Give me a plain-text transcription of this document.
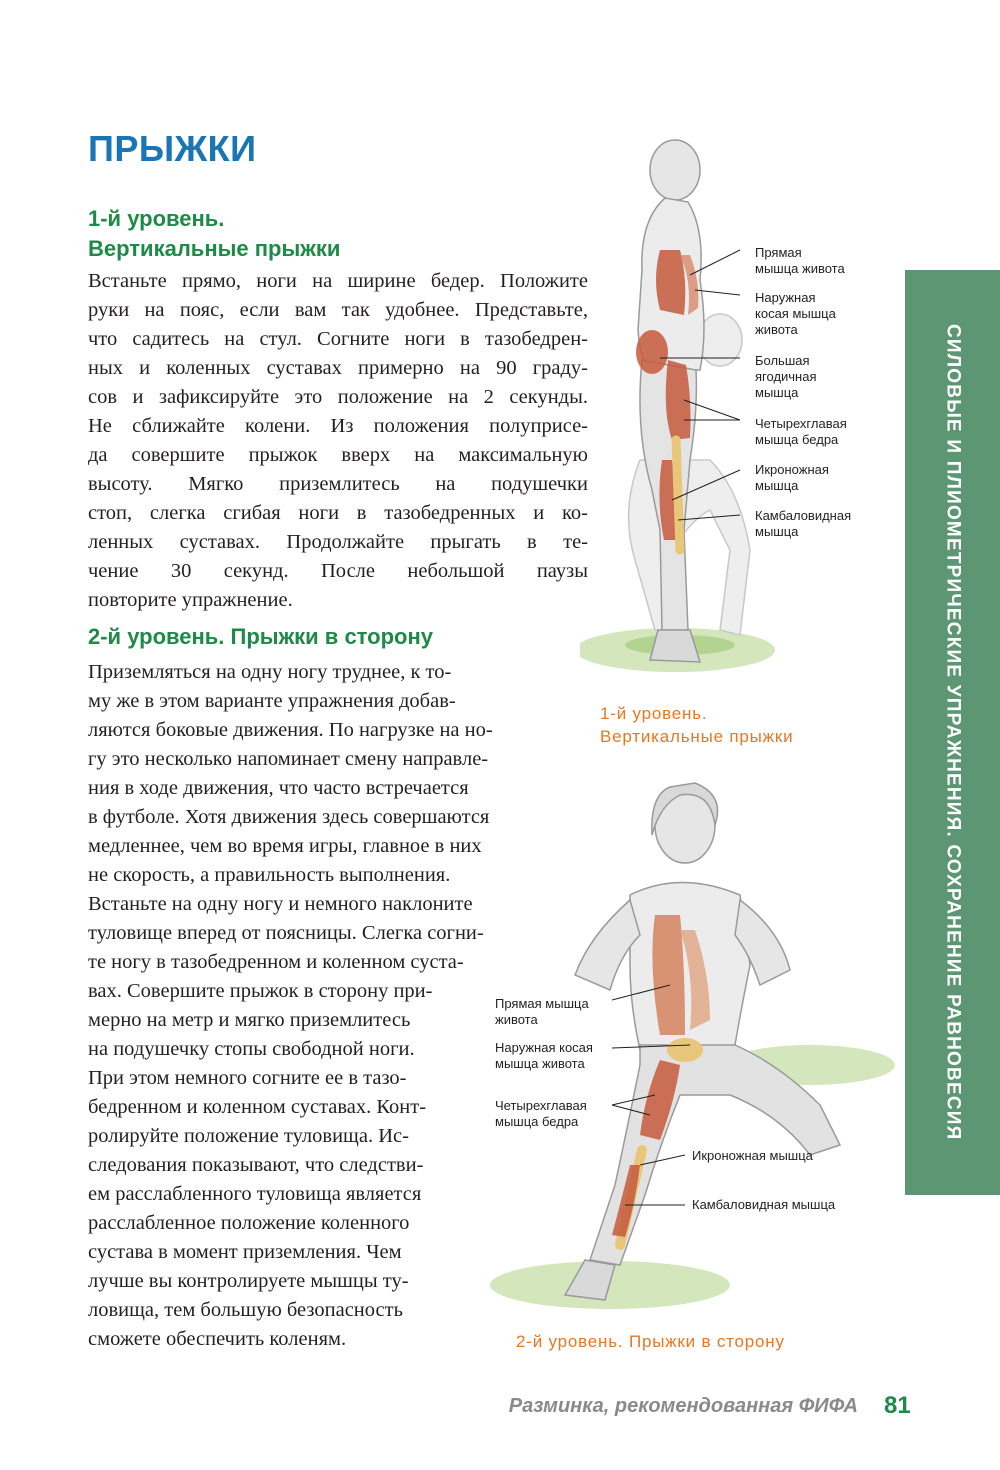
ПРЫЖКИ
1-й уровень.
Вертикальные прыжки
Встаньте прямо, ноги на ширине бедер. Положите
руки на пояс, если вам так удобнее. Представьте,
что садитесь на стул. Согните ноги в тазобедрен-
ных и коленных суставах примерно на 90 граду-
сов и зафиксируйте это положение на 2 секунды.
Не сближайте колени. Из положения полуприсе-
да совершите прыжок вверх на максимальную
высоту. Мягко приземлитесь на подушечки
стоп, слегка сгибая ноги в тазобедренных и ко-
ленных суставах. Продолжайте прыгать в те-
чение 30 секунд. После небольшой паузы
повторите упражнение.
2-й уровень. Прыжки в сторону
Приземляться на одну ногу труднее, к то-
му же в этом варианте упражнения добав-
ляются боковые движения. По нагрузке на но-
гу это несколько напоминает смену направле-
ния в ходе движения, что часто встречается
в футболе. Хотя движения здесь совершаются
медленнее, чем во время игры, главное в них
не скорость, а правильность выполнения.
Встаньте на одну ногу и немного наклоните
туловище вперед от поясницы. Слегка согни-
те ногу в тазобедренном и коленном суста-
вах. Совершите прыжок в сторону при-
мерно на метр и мягко приземлитесь
на подушечку стопы свободной ноги.
При этом немного согните ее в тазо-
бедренном и коленном суставах. Конт-
ролируйте положение туловища. Ис-
следования показывают, что следстви-
ем расслабленного туловища является
расслабленное положение коленного
сустава в момент приземления. Чем
лучше вы контролируете мышцы ту-
ловища, тем большую безопасность
сможете обеспечить коленям.
СИЛОВЫЕ И ПЛИОМЕТРИЧЕСКИЕ УПРАЖНЕНИЯ. СОХРАНЕНИЕ РАВНОВЕСИЯ
Прямая
мышца живота
Наружная
косая мышца
живота
Большая
ягодичная
мышца
Четырехглавая
мышца бедра
Икроножная
мышца
Камбаловидная
мышца
1-й уровень.
Вертикальные прыжки
Прямая мышца
живота
Наружная косая
мышца живота
Четырехглавая
мышца бедра
Икроножная мышца
Камбаловидная мышца
2-й уровень. Прыжки в сторону
Разминка, рекомендованная ФИФА 81
